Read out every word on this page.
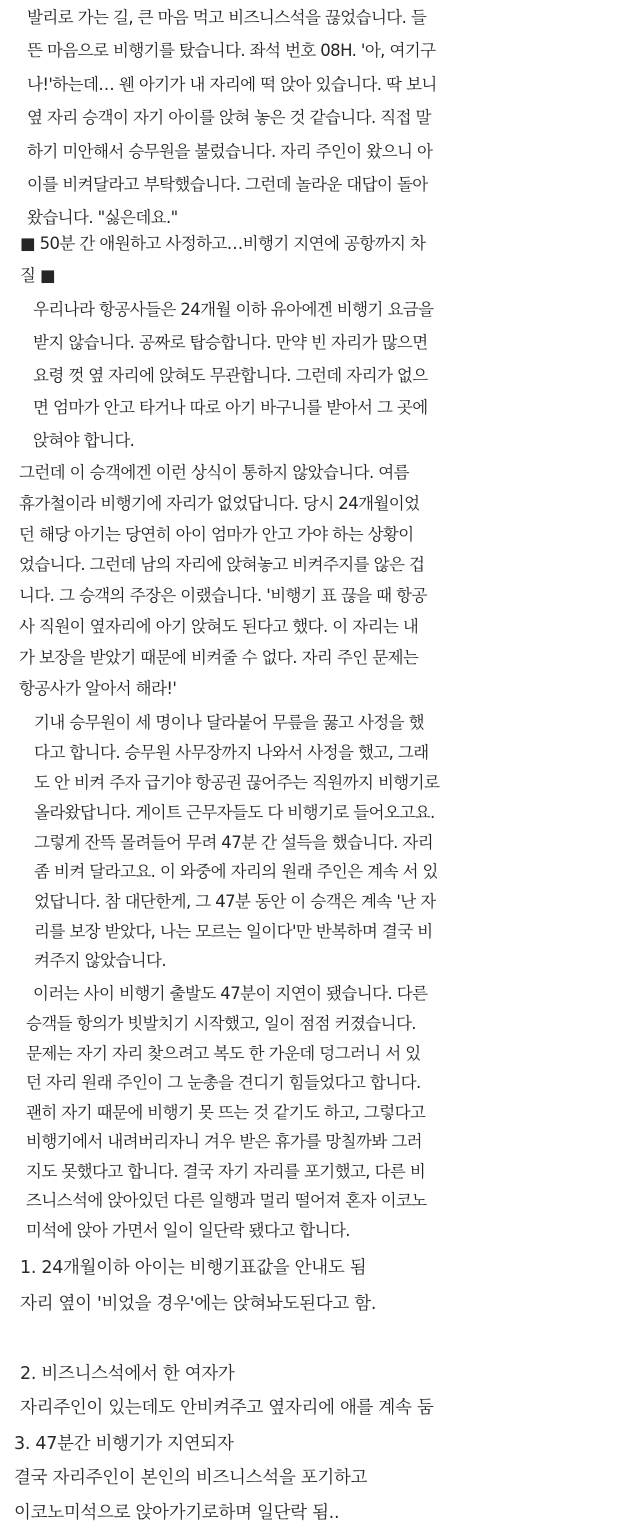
발리로 가는 길, 큰 마음 먹고 비즈니스석을 끊었습니다. 들
뜬 마음으로 비행기를 탔습니다. 좌석 번호 08H. '아, 여기구
나!'하는데… 웬 아기가 내 자리에 떡 앉아 있습니다. 딱 보니
옆 자리 승객이 자기 아이를 앉혀 놓은 것 같습니다. 직접 말
하기 미안해서 승무원을 불렀습니다. 자리 주인이 왔으니 아
이를 비켜달라고 부탁했습니다. 그런데 놀라운 대답이 돌아
왔습니다. "싫은데요."
■ 50분 간 애원하고 사정하고…비행기 지연에 공항까지 차
질 ■
우리나라 항공사들은 24개월 이하 유아에겐 비행기 요금을
받지 않습니다. 공짜로 탑승합니다. 만약 빈 자리가 많으면
요령 껏 옆 자리에 앉혀도 무관합니다. 그런데 자리가 없으
면 엄마가 안고 타거나 따로 아기 바구니를 받아서 그 곳에
앉혀야 합니다.
그런데 이 승객에겐 이런 상식이 통하지 않았습니다. 여름
휴가철이라 비행기에 자리가 없었답니다. 당시 24개월이었
던 해당 아기는 당연히 아이 엄마가 안고 가야 하는 상황이
었습니다. 그런데 남의 자리에 앉혀놓고 비켜주지를 않은 겁
니다. 그 승객의 주장은 이랬습니다. '비행기 표 끊을 때 항공
사 직원이 옆자리에 아기 앉혀도 된다고 했다. 이 자리는 내
가 보장을 받았기 때문에 비켜줄 수 없다. 자리 주인 문제는
항공사가 알아서 해라!'
기내 승무원이 세 명이나 달라붙어 무릎을 꿇고 사정을 했
다고 합니다. 승무원 사무장까지 나와서 사정을 했고, 그래
도 안 비켜 주자 급기야 항공권 끊어주는 직원까지 비행기로
올라왔답니다. 게이트 근무자들도 다 비행기로 들어오고요.
그렇게 잔뜩 몰려들어 무려 47분 간 설득을 했습니다. 자리
좀 비켜 달라고요. 이 와중에 자리의 원래 주인은 계속 서 있
었답니다. 참 대단한게, 그 47분 동안 이 승객은 계속 '난 자
리를 보장 받았다, 나는 모르는 일이다'만 반복하며 결국 비
켜주지 않았습니다.
이러는 사이 비행기 출발도 47분이 지연이 됐습니다. 다른
승객들 항의가 빗발치기 시작했고, 일이 점점 커졌습니다.
문제는 자기 자리 찾으려고 복도 한 가운데 덩그러니 서 있
던 자리 원래 주인이 그 눈총을 견디기 힘들었다고 합니다.
괜히 자기 때문에 비행기 못 뜨는 것 같기도 하고, 그렇다고
비행기에서 내려버리자니 겨우 받은 휴가를 망칠까봐 그러
지도 못했다고 합니다. 결국 자기 자리를 포기했고, 다른 비
즈니스석에 앉아있던 다른 일행과 멀리 떨어져 혼자 이코노
미석에 앉아 가면서 일이 일단락 됐다고 합니다.
1. 24개월이하 아이는 비행기표값을 안내도 됨
자리 옆이 '비었을 경우'에는 앉혀놔도된다고 함.
2. 비즈니스석에서 한 여자가
자리주인이 있는데도 안비켜주고 옆자리에 애를 계속 둠
3. 47분간 비행기가 지연되자
결국 자리주인이 본인의 비즈니스석을 포기하고
이코노미석으로 앉아가기로하며 일단락 됨..
